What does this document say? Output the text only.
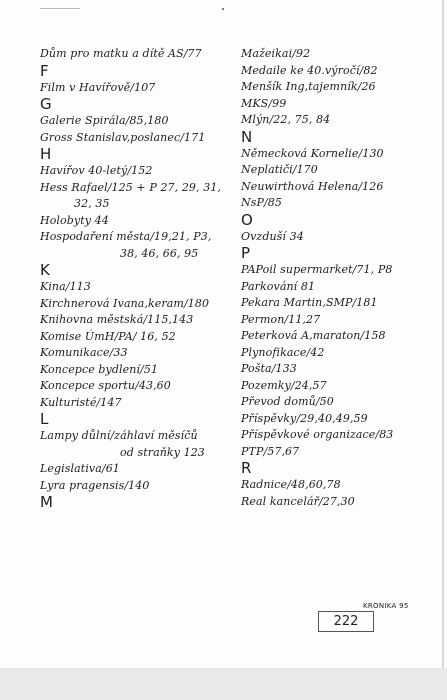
Dům pro matku a dítě AS/77
F
Film v Havířově/107
G
Galerie Spirála/85,180
Gross Stanislav,poslanec/171
H
Havířov 40-letý/152
Hess Rafael/125 + P 27, 29, 31,
32, 35
Holobyty 44
Hospodaření města/19,21, P3,
38, 46, 66, 95
K
Kina/113
Kirchnerová Ivana,keram/180
Knihovna městská/115,143
Komise ÚmH/PA/ 16, 52
Komunikace/33
Koncepce bydlení/51
Koncepce sportu/43,60
Kulturisté/147
L
Lampy důlní/záhlaví měsíčů
od straňky 123
Legislativa/61
Lyra pragensis/140
M
Mažeikai/92
Medaile ke 40.výročí/82
Menšík Ing,tajemník/26
MKS/99
Mlýn/22, 75, 84
N
Německová Kornelie/130
Neplatiči/170
Neuwirthová Helena/126
NsP/85
O
Ovzduší 34
P
PAPoil supermarket/71, P8
Parkování 81
Pekara Martin,SMP/181
Permon/11,27
Peterková A,maraton/158
Plynofikace/42
Pošta/133
Pozemky/24,57
Převod domů/50
Příspěvky/29,40,49,59
Příspěvkové organizace/83
PTP/57,67
R
Radnice/48,60,78
Real kancelář/27,30
KRONIKA 95
222
